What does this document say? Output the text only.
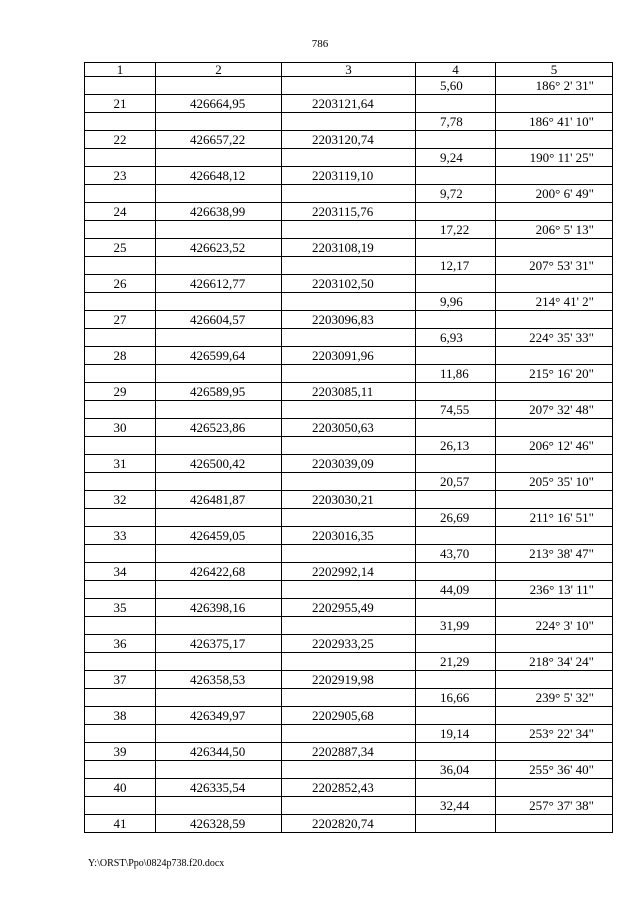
786
1	2	3	4	5
			5,60	186° 2' 31"
21	426664,95	2203121,64		
			7,78	186° 41' 10"
22	426657,22	2203120,74		
			9,24	190° 11' 25"
23	426648,12	2203119,10		
			9,72	200° 6' 49"
24	426638,99	2203115,76		
			17,22	206° 5' 13"
25	426623,52	2203108,19		
			12,17	207° 53' 31"
26	426612,77	2203102,50		
			9,96	214° 41' 2"
27	426604,57	2203096,83		
			6,93	224° 35' 33"
28	426599,64	2203091,96		
			11,86	215° 16' 20"
29	426589,95	2203085,11		
			74,55	207° 32' 48"
30	426523,86	2203050,63		
			26,13	206° 12' 46"
31	426500,42	2203039,09		
			20,57	205° 35' 10"
32	426481,87	2203030,21		
			26,69	211° 16' 51"
33	426459,05	2203016,35		
			43,70	213° 38' 47"
34	426422,68	2202992,14		
			44,09	236° 13' 11"
35	426398,16	2202955,49		
			31,99	224° 3' 10"
36	426375,17	2202933,25		
			21,29	218° 34' 24"
37	426358,53	2202919,98		
			16,66	239° 5' 32"
38	426349,97	2202905,68		
			19,14	253° 22' 34"
39	426344,50	2202887,34		
			36,04	255° 36' 40"
40	426335,54	2202852,43		
			32,44	257° 37' 38"
41	426328,59	2202820,74		
Y:\ORST\Ppo\0824p738.f20.docx
